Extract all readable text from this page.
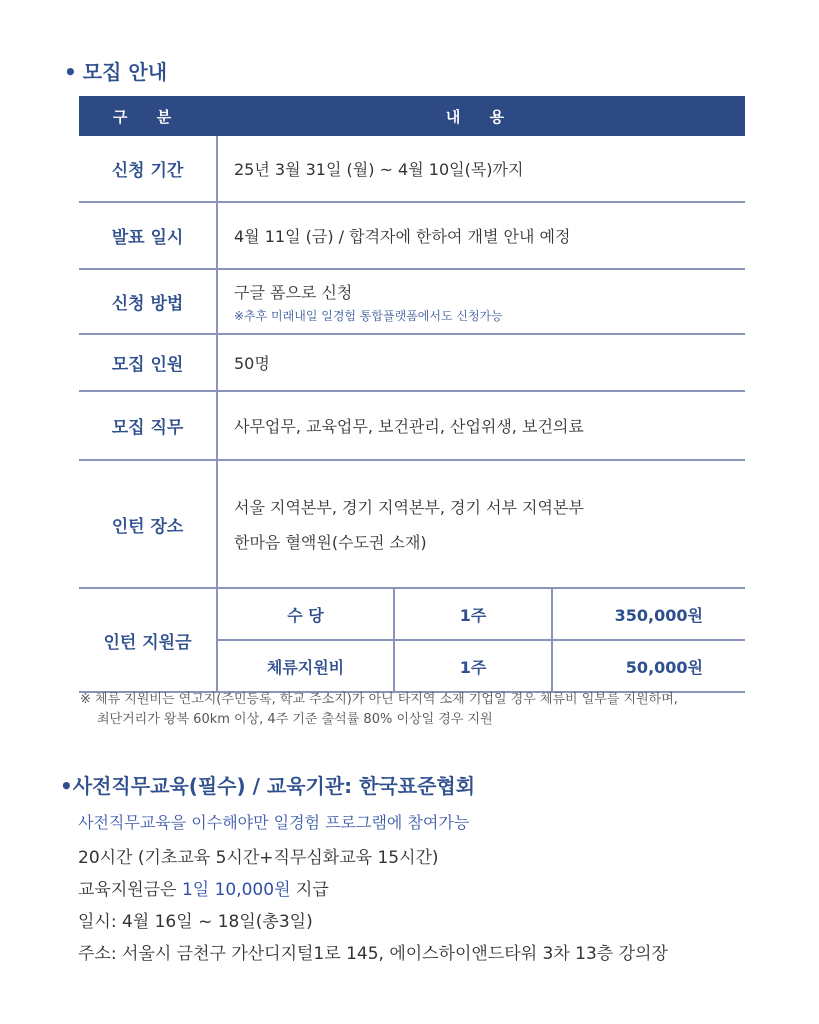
• 모집 안내
구 분	내 용
신청 기간	25년 3월 31일 (월) ~ 4월 10일(목)까지
발표 일시	4월 11일 (금) / 합격자에 한하여 개별 안내 예정
신청 방법	구글 폼으로 신청
※추후 미래내일 일경험 통합플랫폼에서도 신청가능

모집 인원	50명
모집 직무	사무업무, 교육업무, 보건관리, 산업위생, 보건의료
인턴 장소	
서울 지역본부, 경기 지역본부, 경기 서부 지역본부
한마음 혈액원(수도권 소재)

인턴 지원금	
수 당	1주	350,000원
체류지원비	1주	50,000원
※ 체류 지원비는 연고지(주민등록, 학교 주소지)가 아닌 타지역 소재 기업일 경우 체류비 일부를 지원하며,
최단거리가 왕복 60km 이상, 4주 기준 출석률 80% 이상일 경우 지원
•사전직무교육(필수) / 교육기관: 한국표준협회
사전직무교육을 이수해야만 일경험 프로그램에 참여가능
20시간 (기초교육 5시간+직무심화교육 15시간)
교육지원금은 1일 10,000원 지급
일시: 4월 16일 ~ 18일(총3일)
주소: 서울시 금천구 가산디지털1로 145, 에이스하이앤드타워 3차 13층 강의장
